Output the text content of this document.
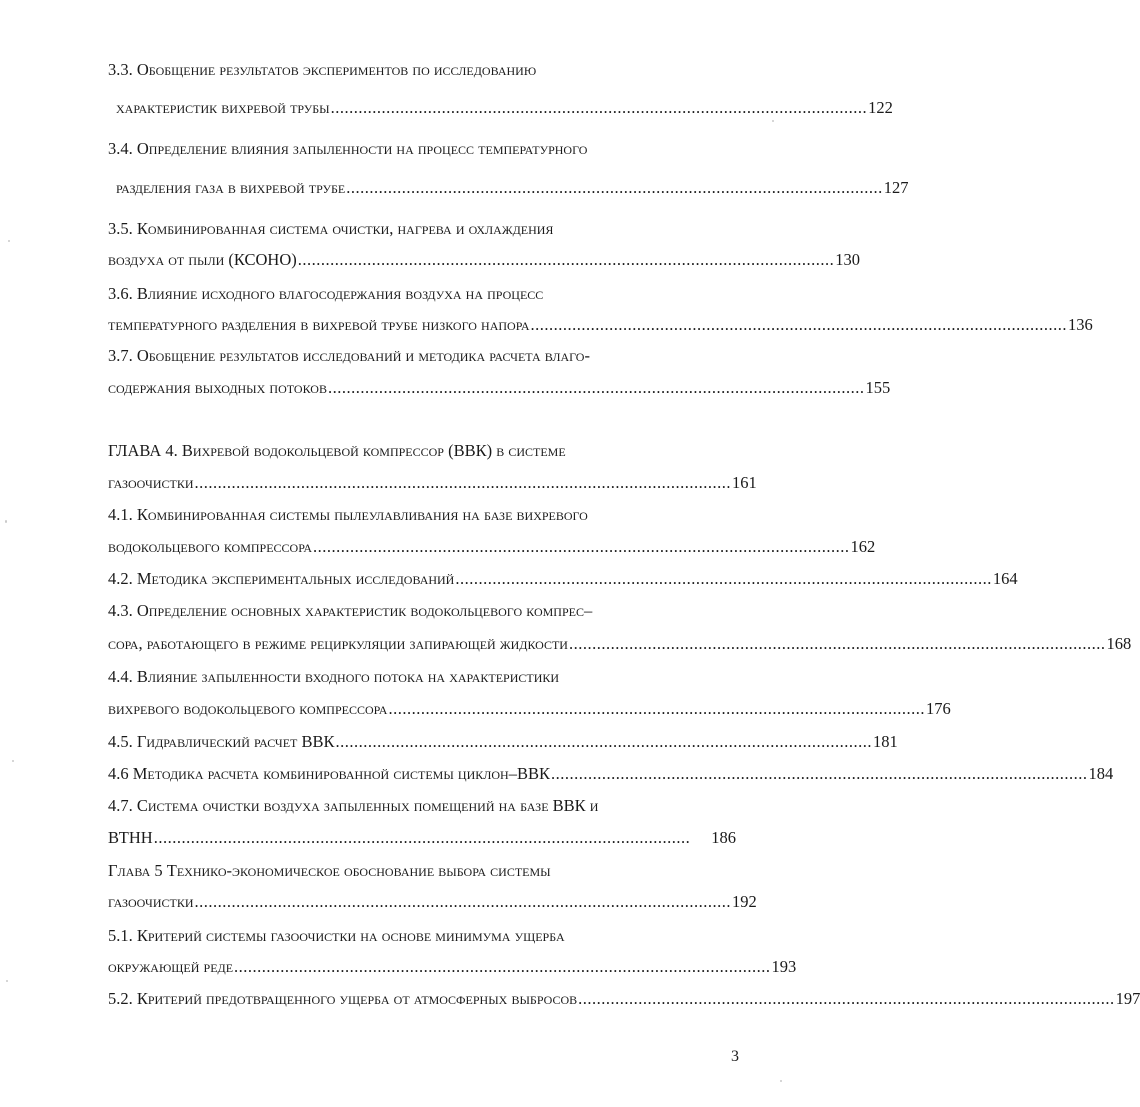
3.3. Обобщение результатов экспериментов по исследованию
характеристик вихревой трубы .................................................................................................................... 122
3.4. Определение влияния запыленности на процесс температурного
разделения газа в вихревой трубе .................................................................................................................... 127
3.5. Комбинированная система очистки, нагрева и охлаждения
воздуха от пыли (КСОНО) .................................................................................................................... 130
3.6. Влияние исходного влагосодержания воздуха на процесс
температурного разделения в вихревой трубе низкого напора .................................................................................................................... 136
3.7. Обобщение результатов исследований и методика расчета влаго-
содержания выходных потоков .................................................................................................................... 155
ГЛАВА 4. Вихревой водокольцевой компрессор (ВВК) в системе
газоочистки .................................................................................................................... 161
4.1. Комбинированная системы пылеулавливания на базе вихревого
водокольцевого компрессора .................................................................................................................... 162
4.2. Методика экспериментальных исследований .................................................................................................................... 164
4.3. Определение основных характеристик водокольцевого компрес–
сора, работающего в режиме рециркуляции запирающей жидкости .................................................................................................................... 168
4.4. Влияние запыленности входного потока на характеристики
вихревого водокольцевого компрессора .................................................................................................................... 176
4.5. Гидравлический расчет ВВК .................................................................................................................... 181
4.6 Методика расчета комбинированной системы циклон–ВВК .................................................................................................................... 184
4.7. Система очистки воздуха запыленных помещений на базе ВВК и
ВТНН ....................................................................................................................	186
Глава 5 Технико-экономическое обоснование выбора системы
газоочистки .................................................................................................................... 192
5.1. Критерий системы газоочистки на основе минимума ущерба
окружающей реде .................................................................................................................... 193
5.2. Критерий предотвращенного ущерба от атмосферных выбросов .................................................................................................................... 197
3
